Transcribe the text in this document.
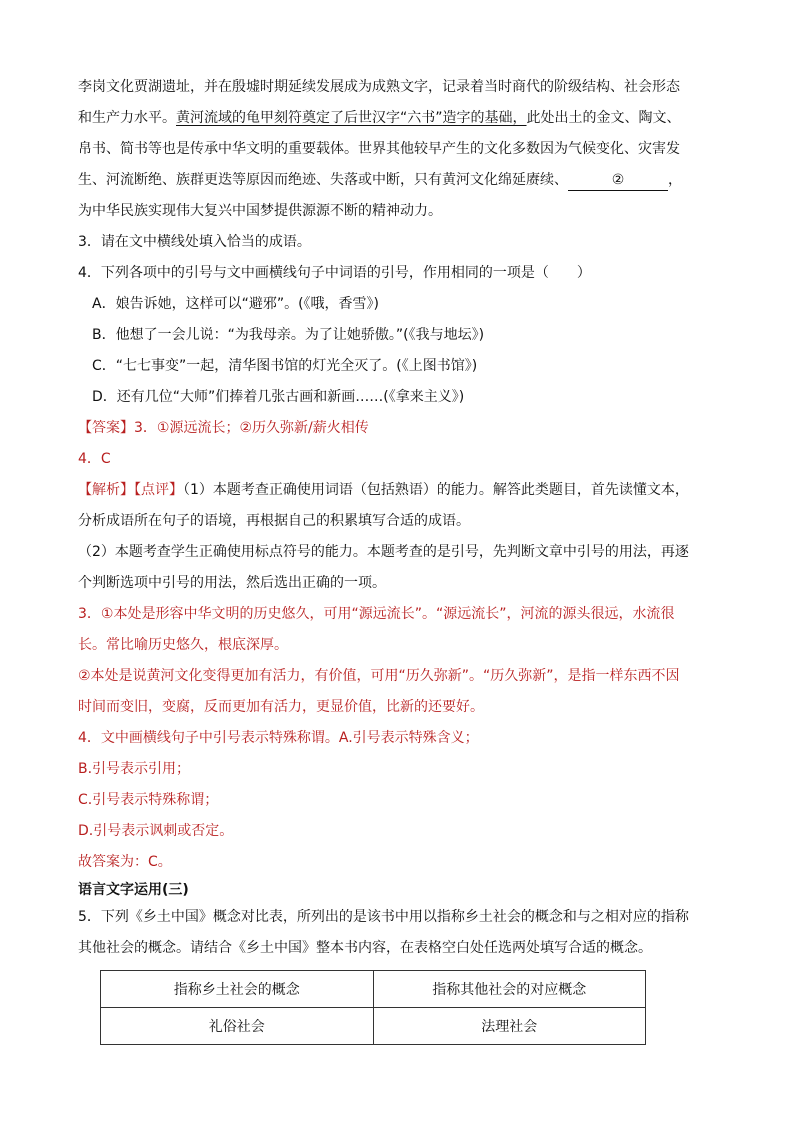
李岗文化贾湖遗址，并在殷墟时期延续发展成为成熟文字，记录着当时商代的阶级结构、社会形态

和生产力水平。黄河流域的龟甲刻符奠定了后世汉字“六书”造字的基础，此处出土的金文、陶文、

帛书、简书等也是传承中华文明的重要载体。世界其他较早产生的文化多数因为气候变化、灾害发

生、河流断绝、族群更迭等原因而绝迹、失落或中断，只有黄河文化绵延赓续、	②	，

为中华民族实现伟大复兴中国梦提供源源不断的精神动力。

3．请在文中横线处填入恰当的成语。

4．下列各项中的引号与文中画横线句子中词语的引号，作用相同的一项是（　　）

A．娘告诉她，这样可以“避邪”。(《哦，香雪》)

B．他想了一会儿说：“为我母亲。为了让她骄傲。”(《我与地坛》)

C．“七七事变”一起，清华图书馆的灯光全灭了。(《上图书馆》)

D．还有几位“大师”们捧着几张古画和新画……(《拿来主义》)

【答案】3．①源远流长；②历久弥新/薪火相传

4．C

【解析】【点评】（1）本题考查正确使用词语（包括熟语）的能力。解答此类题目，首先读懂文本，

分析成语所在句子的语境，再根据自己的积累填写合适的成语。

（2）本题考查学生正确使用标点符号的能力。本题考查的是引号，先判断文章中引号的用法，再逐

个判断选项中引号的用法，然后选出正确的一项。

3．①本处是形容中华文明的历史悠久，可用“源远流长”。“源远流长”，河流的源头很远，水流很

长。常比喻历史悠久，根底深厚。

②本处是说黄河文化变得更加有活力，有价值，可用“历久弥新”。“历久弥新”，是指一样东西不因

时间而变旧，变腐，反而更加有活力，更显价值，比新的还要好。

4．文中画横线句子中引号表示特殊称谓。A.引号表示特殊含义；

B.引号表示引用；

C.引号表示特殊称谓；

D.引号表示讽刺或否定。

故答案为：C。

语言文字运用(三)

5．下列《乡土中国》概念对比表，所列出的是该书中用以指称乡土社会的概念和与之相对应的指称

其他社会的概念。请结合《乡土中国》整本书内容，在表格空白处任选两处填写合适的概念。

指称乡土社会的概念	指称其他社会的对应概念
礼俗社会	法理社会
